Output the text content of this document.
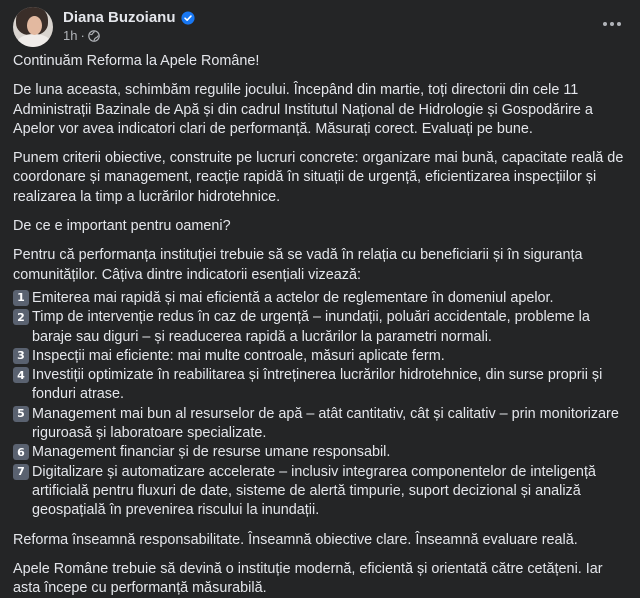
Diana Buzoianu
1h ·

Continuăm Reforma la Apele Române!

De luna aceasta, schimbăm regulile jocului. Începând din martie, toți directorii din cele 11 Administrații Bazinale de Apă și din cadrul Institutul Național de Hidrologie și Gospodărire a Apelor vor avea indicatori clari de performanță. Măsurați corect. Evaluați pe bune.

Punem criterii obiective, construite pe lucruri concrete: organizare mai bună, capacitate reală de coordonare și management, reacție rapidă în situații de urgență, eficientizarea inspecțiilor și realizarea la timp a lucrărilor hidrotehnice.

De ce e important pentru oameni?

Pentru că performanța instituției trebuie să se vadă în relația cu beneficiarii și în siguranța comunităților. Câțiva dintre indicatorii esențiali vizează:

1 Emiterea mai rapidă și mai eficientă a actelor de reglementare în domeniul apelor.
2 Timp de intervenție redus în caz de urgență – inundații, poluări accidentale, probleme la baraje sau diguri – și readucerea rapidă a lucrărilor la parametri normali.
3 Inspecții mai eficiente: mai multe controale, măsuri aplicate ferm.
4 Investiții optimizate în reabilitarea și întreținerea lucrărilor hidrotehnice, din surse proprii și fonduri atrase.
5 Management mai bun al resurselor de apă – atât cantitativ, cât și calitativ – prin monitorizare riguroasă și laboratoare specializate.
6 Management financiar și de resurse umane responsabil.
7 Digitalizare și automatizare accelerate – inclusiv integrarea componentelor de inteligență artificială pentru fluxuri de date, sisteme de alertă timpurie, suport decizional și analiză geospațială în prevenirea riscului la inundații.

Reforma înseamnă responsabilitate. Înseamnă obiective clare. Înseamnă evaluare reală.

Apele Române trebuie să devină o instituție modernă, eficientă și orientată către cetățeni. Iar asta începe cu performanță măsurabilă.
